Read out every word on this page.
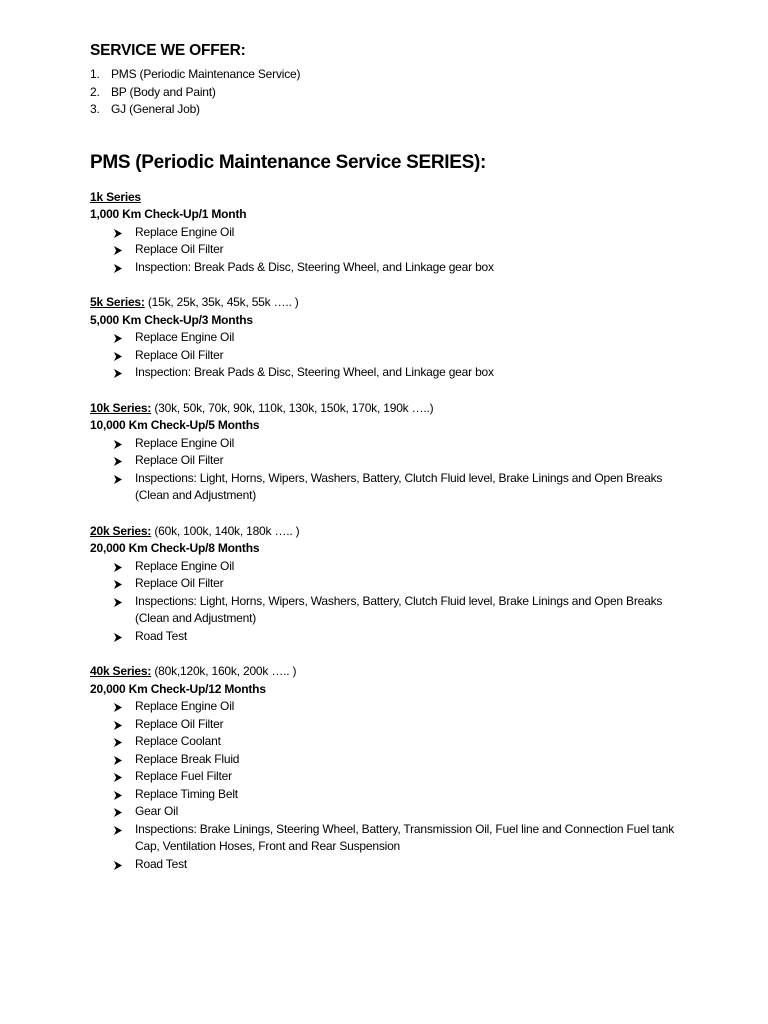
SERVICE WE OFFER:
1. PMS (Periodic Maintenance Service)
2. BP (Body and Paint)
3. GJ (General Job)
PMS (Periodic Maintenance Service SERIES):
1k Series
1,000 Km Check-Up/1 Month
Replace Engine Oil
Replace Oil Filter
Inspection: Break Pads & Disc, Steering Wheel, and Linkage gear box
5k Series: (15k, 25k, 35k, 45k, 55k ….. )
5,000 Km Check-Up/3 Months
Replace Engine Oil
Replace Oil Filter
Inspection: Break Pads & Disc, Steering Wheel, and Linkage gear box
10k Series: (30k, 50k, 70k, 90k, 110k, 130k, 150k, 170k, 190k …..)
10,000 Km Check-Up/5 Months
Replace Engine Oil
Replace Oil Filter
Inspections: Light, Horns, Wipers, Washers, Battery, Clutch Fluid level, Brake Linings and Open Breaks (Clean and Adjustment)
20k Series: (60k, 100k, 140k, 180k ….. )
20,000 Km Check-Up/8 Months
Replace Engine Oil
Replace Oil Filter
Inspections: Light, Horns, Wipers, Washers, Battery, Clutch Fluid level, Brake Linings and Open Breaks (Clean and Adjustment)
Road Test
40k Series: (80k,120k, 160k, 200k ….. )
20,000 Km Check-Up/12 Months
Replace Engine Oil
Replace Oil Filter
Replace Coolant
Replace Break Fluid
Replace Fuel Filter
Replace Timing Belt
Gear Oil
Inspections: Brake Linings, Steering Wheel, Battery, Transmission Oil, Fuel line and Connection Fuel tank Cap, Ventilation Hoses, Front and Rear Suspension
Road Test
